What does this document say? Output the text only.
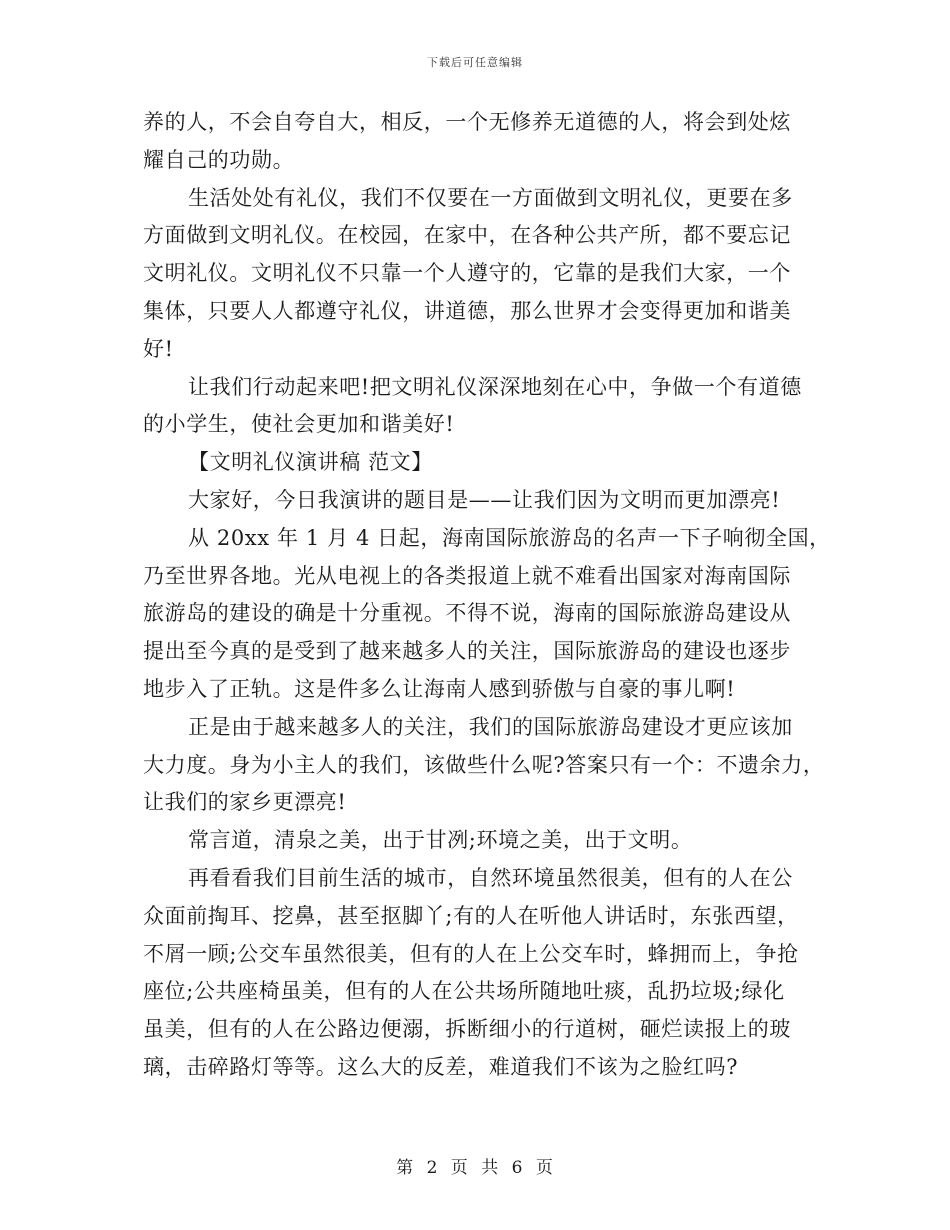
下载后可任意编辑
养的人，不会自夸自大，相反，一个无修养无道德的人，将会到处炫
耀自己的功勋。
生活处处有礼仪，我们不仅要在一方面做到文明礼仪，更要在多
方面做到文明礼仪。在校园，在家中，在各种公共产所，都不要忘记
文明礼仪。文明礼仪不只靠一个人遵守的，它靠的是我们大家，一个
集体，只要人人都遵守礼仪，讲道德，那么世界才会变得更加和谐美
好!
让我们行动起来吧!把文明礼仪深深地刻在心中，争做一个有道德
的小学生，使社会更加和谐美好!
【文明礼仪演讲稿 范文】
大家好，今日我演讲的题目是——让我们因为文明而更加漂亮!
从 20xx 年 1 月 4 日起，海南国际旅游岛的名声一下子响彻全国，
乃至世界各地。光从电视上的各类报道上就不难看出国家对海南国际
旅游岛的建设的确是十分重视。不得不说，海南的国际旅游岛建设从
提出至今真的是受到了越来越多人的关注，国际旅游岛的建设也逐步
地步入了正轨。这是件多么让海南人感到骄傲与自豪的事儿啊!
正是由于越来越多人的关注，我们的国际旅游岛建设才更应该加
大力度。身为小主人的我们，该做些什么呢?答案只有一个：不遗余力，
让我们的家乡更漂亮!
常言道，清泉之美，出于甘冽;环境之美，出于文明。
再看看我们目前生活的城市，自然环境虽然很美，但有的人在公
众面前掏耳、挖鼻，甚至抠脚丫;有的人在听他人讲话时，东张西望，
不屑一顾;公交车虽然很美，但有的人在上公交车时，蜂拥而上，争抢
座位;公共座椅虽美，但有的人在公共场所随地吐痰，乱扔垃圾;绿化
虽美，但有的人在公路边便溺，拆断细小的行道树，砸烂读报上的玻
璃，击碎路灯等等。这么大的反差，难道我们不该为之脸红吗?
第 2 页 共 6 页
